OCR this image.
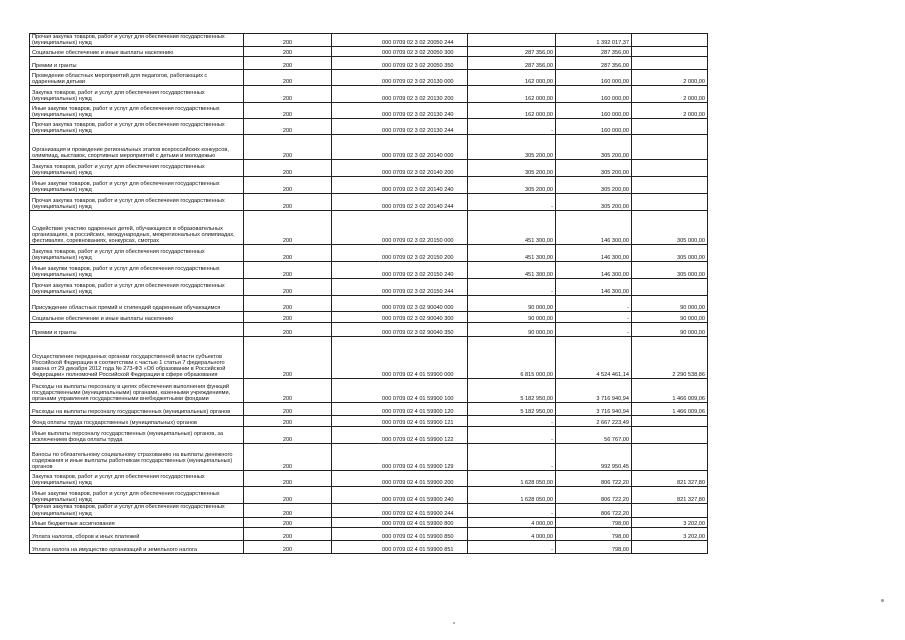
Прочая закупка товаров, работ и услуг для обеспечения государственных (муниципальных) нужд	200	000 0709 02 3 02 20050 244		1 392 017,37	
Социальное обеспечение и иные выплаты населению	200	000 0709 02 3 02 20050 300	287 356,00	287 356,00	
Премии и гранты	200	000 0709 02 3 02 20050 350	287 356,00	287 356,00	
Проведение областных мероприятий для педагогов, работающих с одаренными детьми	200	000 0709 02 3 02 20130 000	162 000,00	160 000,00	2 000,00
Закупка товаров, работ и услуг для обеспечения государственных (муниципальных) нужд	200	000 0709 02 3 02 20130 200	162 000,00	160 000,00	2 000,00
Иные закупки товаров, работ и услуг для обеспечения государственных (муниципальных) нужд	200	000 0709 02 3 02 20130 240	162 000,00	160 000,00	2 000,00
Прочая закупка товаров, работ и услуг для обеспечения государственных (муниципальных) нужд	200	000 0709 02 3 02 20130 244	-	160 000,00	
Организация и проведение региональных этапов всероссийских конкурсов, олимпиад, выставок, спортивных мероприятий с детьми и молодежью	200	000 0709 02 3 02 20140 000	305 200,00	305 200,00	
Закупка товаров, работ и услуг для обеспечения государственных (муниципальных) нужд	200	000 0709 02 3 02 20140 200	305 200,00	305 200,00	
Иные закупки товаров, работ и услуг для обеспечения государственных (муниципальных) нужд	200	000 0709 02 3 02 20140 240	305 200,00	305 200,00	
Прочая закупка товаров, работ и услуг для обеспечения государственных (муниципальных) нужд	200	000 0709 02 3 02 20140 244	-	305 200,00	
Содействие участию одаренных детей, обучающихся в образовательных организациях, в российских, международных, межрегиональных олимпиадах, фестивалях, соревнованиях, конкурсах, смотрах	200	000 0709 02 3 02 20150 000	451 300,00	146 300,00	305 000,00
Закупка товаров, работ и услуг для обеспечения государственных (муниципальных) нужд	200	000 0709 02 3 02 20150 200	451 300,00	146 300,00	305 000,00
Иные закупки товаров, работ и услуг для обеспечения государственных (муниципальных) нужд	200	000 0709 02 3 02 20150 240	451 300,00	146 300,00	305 000,00
Прочая закупка товаров, работ и услуг для обеспечения государственных (муниципальных) нужд	200	000 0709 02 3 02 20150 244	-	146 300,00	
Присуждение областных премий и стипендий одаренным обучающимся	200	000 0709 02 3 02 90040 000	90 000,00	-	90 000,00
Социальное обеспечение и иные выплаты населению	200	000 0709 02 3 02 90040 300	90 000,00	-	90 000,00
Премии и гранты	200	000 0709 02 3 02 90040 350	90 000,00	-	90 000,00
Осуществление переданных органам государственной власти субъектов Российской Федерации в соответствии с частью 1 статьи 7 федерального закона от 29 декабря 2012 года № 273-ФЗ «Об образовании в Российской Федерации» полномочий Российской Федерации в сфере образования	200	000 0709 02 4 01 59900 000	6 815 000,00	4 524 461,14	2 290 538,86
Расходы на выплаты персоналу в целях обеспечения выполнения функций государственными (муниципальными) органами, казенными учреждениями, органами управления государственными внебюджетными фондами	200	000 0709 02 4 01 59900 100	5 182 950,00	3 716 940,94	1 466 009,06
Расходы на выплаты персоналу государственных (муниципальных) органов	200	000 0709 02 4 01 59900 120	5 182 950,00	3 716 940,94	1 466 009,06
Фонд оплаты труда государственных (муниципальных) органов	200	000 0709 02 4 01 59900 121	-	2 667 223,49	
Иные выплаты персоналу государственных (муниципальных) органов, за исключением фонда оплаты труда	200	000 0709 02 4 01 59900 122	-	56 767,00	
Взносы по обязательному социальному страхованию на выплаты денежного содержания и иные выплаты работникам государственных (муниципальных) органов	200	000 0709 02 4 01 59900 129	-	992 950,45	
Закупка товаров, работ и услуг для обеспечения государственных (муниципальных) нужд	200	000 0709 02 4 01 59900 200	1 628 050,00	806 722,20	821 327,80
Иные закупки товаров, работ и услуг для обеспечения государственных (муниципальных) нужд	200	000 0709 02 4 01 59900 240	1 628 050,00	806 722,20	821 327,80
Прочая закупка товаров, работ и услуг для обеспечения государственных (муниципальных) нужд	200	000 0709 02 4 01 59900 244	-	806 722,20	
Иные бюджетные ассигнования	200	000 0709 02 4 01 59900 800	4 000,00	798,00	3 202,00
Уплата налогов, сборов и иных платежей	200	000 0709 02 4 01 59900 850	4 000,00	798,00	3 202,00
Уплата налога на имущество организаций и земельного налога	200	000 0709 02 4 01 59900 851	-	798,00	
